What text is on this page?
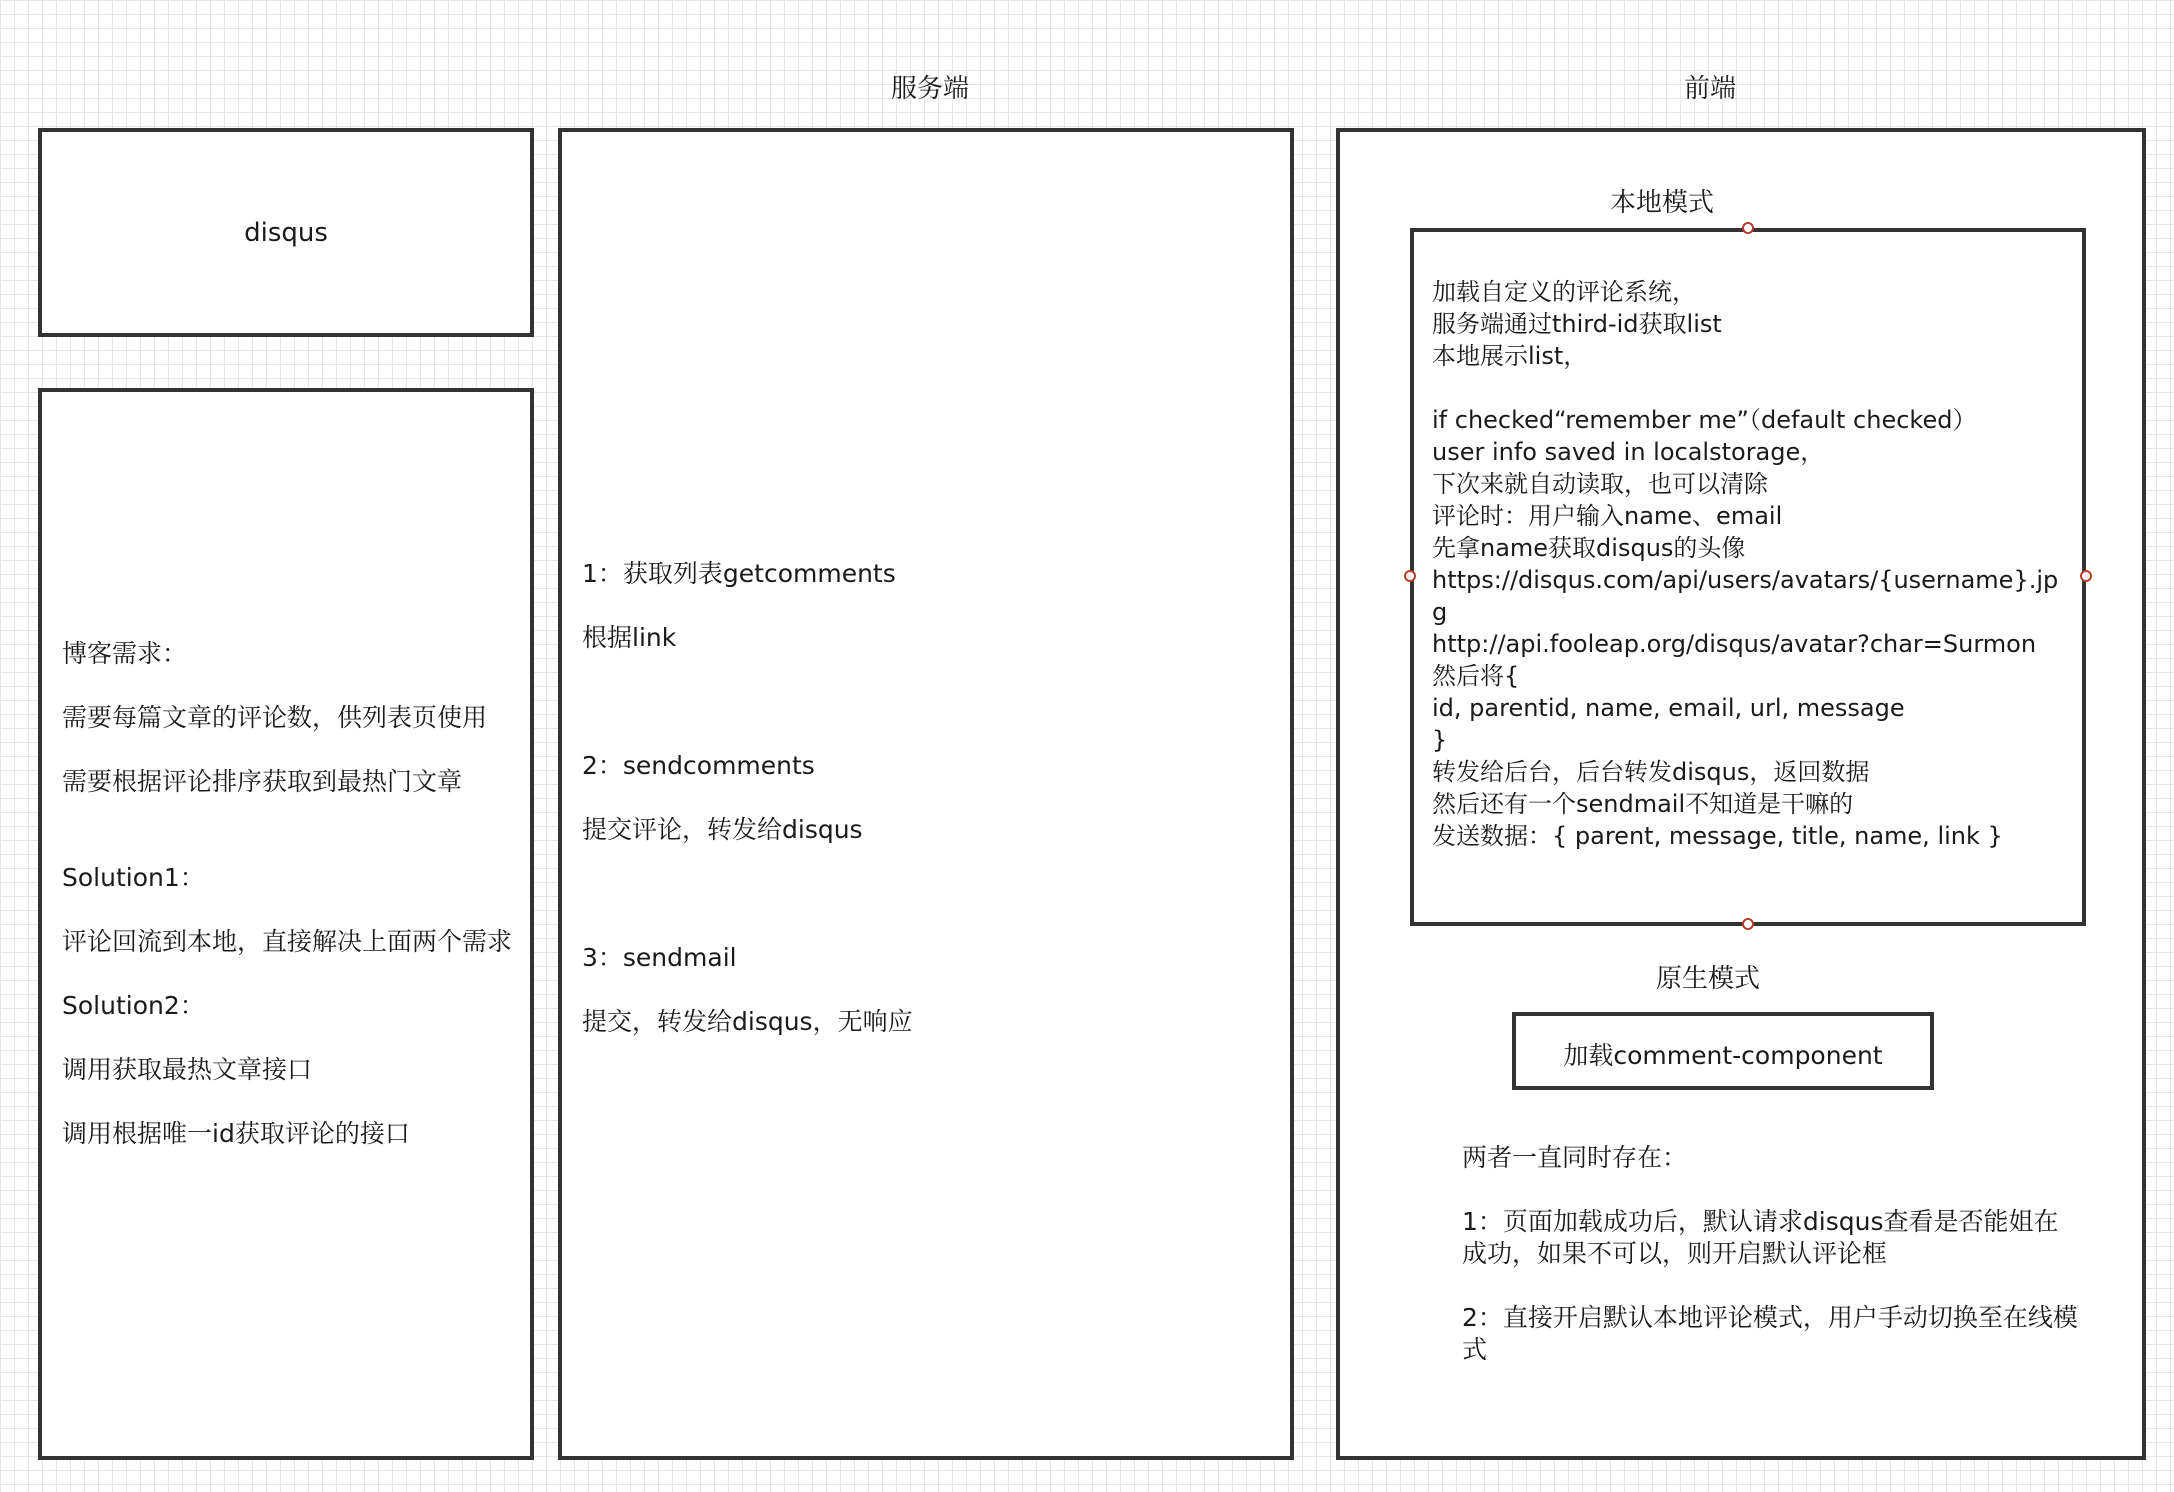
服务端	前端
disqus

博客需求：

需要每篇文章的评论数，供列表页使用

需要根据评论排序获取到最热门文章

Solution1：

评论回流到本地，直接解决上面两个需求

Solution2：

调用获取最热文章接口

调用根据唯一id获取评论的接口

1：获取列表getcomments

根据link

2：sendcomments

提交评论，转发给disqus

3：sendmail

提交，转发给disqus，无响应

本地模式

加载自定义的评论系统，

服务端通过third-id获取list

本地展示list，

if checked“remember me”（default checked）

user info saved in localstorage，

下次来就自动读取，也可以清除

评论时：用户输入name、email

先拿name获取disqus的头像

https://disqus.com/api/users/avatars/{username}.jpg

http://api.fooleap.org/disqus/avatar?char=Surmon

然后将{

id, parentid, name, email, url, message

}

转发给后台，后台转发disqus，返回数据

然后还有一个sendmail不知道是干嘛的

发送数据：{ parent, message, title, name, link }

原生模式
加载comment-component

两者一直同时存在：

1：页面加载成功后，默认请求disqus查看是否能姐在成功，如果不可以，则开启默认评论框

2：直接开启默认本地评论模式，用户手动切换至在线模式
